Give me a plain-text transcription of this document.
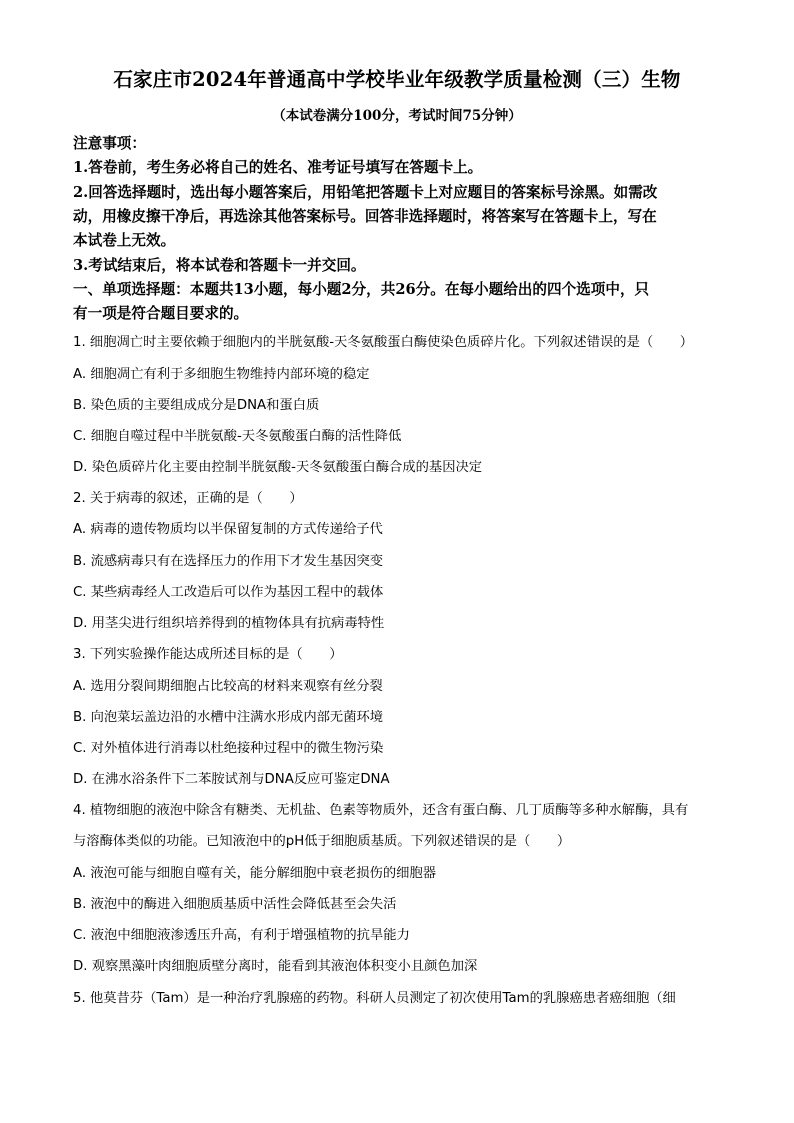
石家庄市2024年普通高中学校毕业年级教学质量检测（三）生物
（本试卷满分100分，考试时间75分钟）
注意事项：
1.答卷前，考生务必将自己的姓名、准考证号填写在答题卡上。
2.回答选择题时，选出每小题答案后，用铅笔把答题卡上对应题目的答案标号涂黑。如需改
动，用橡皮擦干净后，再选涂其他答案标号。回答非选择题时，将答案写在答题卡上，写在
本试卷上无效。
3.考试结束后，将本试卷和答题卡一并交回。
一、单项选择题：本题共13小题，每小题2分，共26分。在每小题给出的四个选项中，只
有一项是符合题目要求的。
1. 细胞凋亡时主要依赖于细胞内的半胱氨酸-天冬氨酸蛋白酶使染色质碎片化。下列叙述错误的是（　　）
A. 细胞凋亡有利于多细胞生物维持内部环境的稳定
B. 染色质的主要组成成分是DNA和蛋白质
C. 细胞自噬过程中半胱氨酸-天冬氨酸蛋白酶的活性降低
D. 染色质碎片化主要由控制半胱氨酸-天冬氨酸蛋白酶合成的基因决定
2. 关于病毒的叙述，正确的是（　　）
A. 病毒的遗传物质均以半保留复制的方式传递给子代
B. 流感病毒只有在选择压力的作用下才发生基因突变
C. 某些病毒经人工改造后可以作为基因工程中的载体
D. 用茎尖进行组织培养得到的植物体具有抗病毒特性
3. 下列实验操作能达成所述目标的是（　　）
A. 选用分裂间期细胞占比较高的材料来观察有丝分裂
B. 向泡菜坛盖边沿的水槽中注满水形成内部无菌环境
C. 对外植体进行消毒以杜绝接种过程中的微生物污染
D. 在沸水浴条件下二苯胺试剂与DNA反应可鉴定DNA
4. 植物细胞的液泡中除含有糖类、无机盐、色素等物质外，还含有蛋白酶、几丁质酶等多种水解酶，具有
与溶酶体类似的功能。已知液泡中的pH低于细胞质基质。下列叙述错误的是（　　）
A. 液泡可能与细胞自噬有关，能分解细胞中衰老损伤的细胞器
B. 液泡中的酶进入细胞质基质中活性会降低甚至会失活
C. 液泡中细胞液渗透压升高，有利于增强植物的抗旱能力
D. 观察黑藻叶肉细胞质壁分离时，能看到其液泡体积变小且颜色加深
5. 他莫昔芬（Tam）是一种治疗乳腺癌的药物。科研人员测定了初次使用Tam的乳腺癌患者癌细胞（细
